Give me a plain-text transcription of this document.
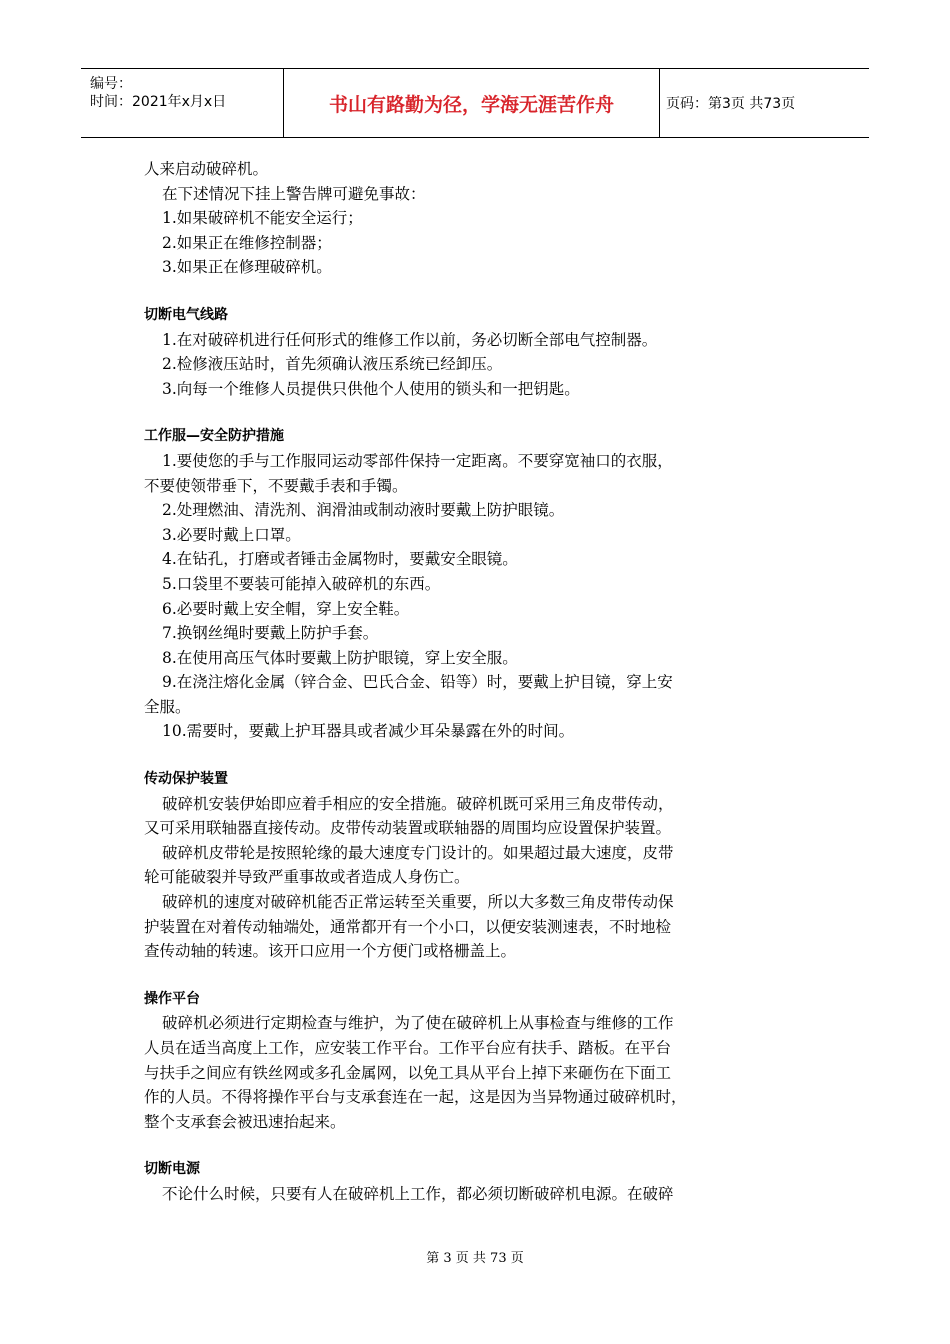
编号：
时间：2021年x月x日	书山有路勤为径，学海无涯苦作舟	页码：第3页 共73页

人来启动破碎机。

在下述情况下挂上警告牌可避免事故：

1.如果破碎机不能安全运行；

2.如果正在维修控制器；

3.如果正在修理破碎机。

切断电气线路

1.在对破碎机进行任何形式的维修工作以前，务必切断全部电气控制器。

2.检修液压站时，首先须确认液压系统已经卸压。

3.向每一个维修人员提供只供他个人使用的锁头和一把钥匙。

工作服—安全防护措施

1.要使您的手与工作服同运动零部件保持一定距离。不要穿宽袖口的衣服，

不要使领带垂下，不要戴手表和手镯。

2.处理燃油、清洗剂、润滑油或制动液时要戴上防护眼镜。

3.必要时戴上口罩。

4.在钻孔，打磨或者锤击金属物时，要戴安全眼镜。

5.口袋里不要装可能掉入破碎机的东西。

6.必要时戴上安全帽，穿上安全鞋。

7.换钢丝绳时要戴上防护手套。

8.在使用高压气体时要戴上防护眼镜，穿上安全服。

9.在浇注熔化金属（锌合金、巴氏合金、铅等）时，要戴上护目镜，穿上安

全服。

10.需要时，要戴上护耳器具或者减少耳朵暴露在外的时间。

传动保护装置

破碎机安装伊始即应着手相应的安全措施。破碎机既可采用三角皮带传动，

又可采用联轴器直接传动。皮带传动装置或联轴器的周围均应设置保护装置。

破碎机皮带轮是按照轮缘的最大速度专门设计的。如果超过最大速度，皮带

轮可能破裂并导致严重事故或者造成人身伤亡。

破碎机的速度对破碎机能否正常运转至关重要，所以大多数三角皮带传动保

护装置在对着传动轴端处，通常都开有一个小口，以便安装测速表，不时地检

查传动轴的转速。该开口应用一个方便门或格栅盖上。

操作平台

破碎机必须进行定期检查与维护，为了使在破碎机上从事检查与维修的工作

人员在适当高度上工作，应安装工作平台。工作平台应有扶手、踏板。在平台

与扶手之间应有铁丝网或多孔金属网，以免工具从平台上掉下来砸伤在下面工

作的人员。不得将操作平台与支承套连在一起，这是因为当异物通过破碎机时，

整个支承套会被迅速抬起来。

切断电源

不论什么时候，只要有人在破碎机上工作，都必须切断破碎机电源。在破碎

第 3 页 共 73 页
